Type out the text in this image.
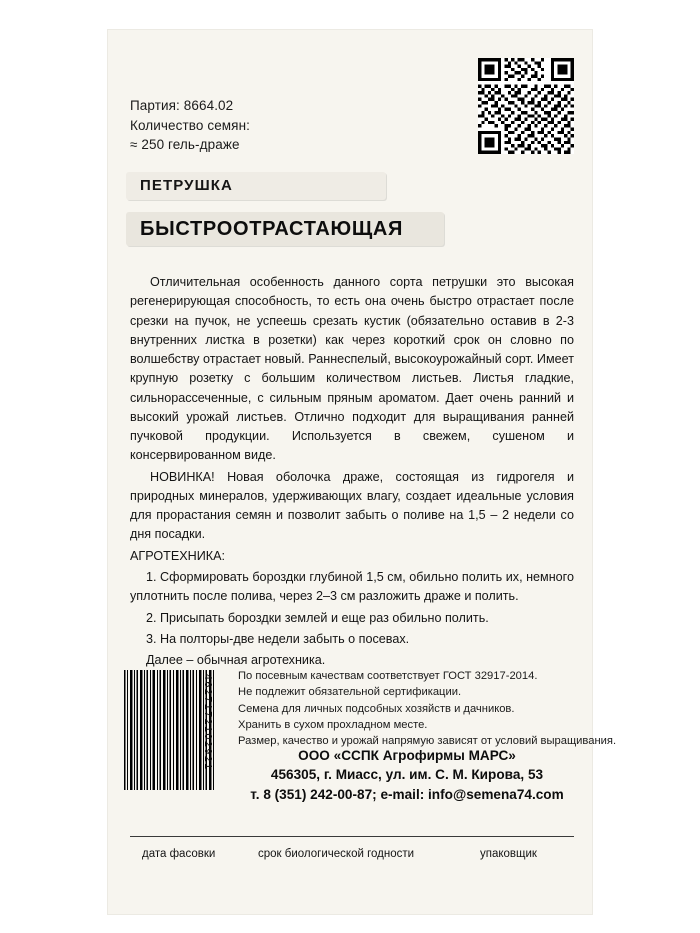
Партия: 8664.02
Количество семян:
≈ 250 гель-драже
ПЕТРУШКА
БЫСТРООТРАСТАЮЩАЯ

Отличительная особенность данного сорта петрушки это высокая регенерирующая способность, то есть она очень быстро отрастает после срезки на пучок, не успеешь срезать кустик (обязательно оставив в 2-3 внутренних листка в розетки) как через короткий срок он словно по волшебству отрастает новый. Раннеспелый, высокоурожайный сорт. Имеет крупную розетку с большим количеством листьев. Листья гладкие, сильнорассеченные, с сильным пряным ароматом. Дает очень ранний и высокий урожай листьев. Отлично подходит для выращивания ранней пучковой продукции. Используется в свежем, сушеном и консервированном виде.

НОВИНКА! Новая оболочка драже, состоящая из гидрогеля и природных минералов, удерживающих влагу, создает идеальные условия для прорастания семян и позволит забыть о поливе на 1,5 – 2 недели со дня посадки.

АГРОТЕХНИКА:

1. Сформировать бороздки глубиной 1,5 см, обильно полить их, немного уплотнить после полива, через 2–3 см разложить драже и полить.

2. Присыпать бороздки землей и еще раз обильно полить.

3. На полторы-две недели забыть о посевах.

Далее – обычная агротехника.

4627172102921 По посевным качествам соответствует ГОСТ 32917-2014.
Не подлежит обязательной сертификации.
Семена для личных подсобных хозяйств и дачников.
Хранить в сухом прохладном месте.
Размер, качество и урожай напрямую зависят от условий выращивания.
ООО «ССПК Агрофирмы МАРС»
456305, г. Миасс, ул. им. С. М. Кирова, 53
т. 8 (351) 242-00-87; e-mail: info@semena74.com
дата фасовки	срок биологической годности	упаковщик
